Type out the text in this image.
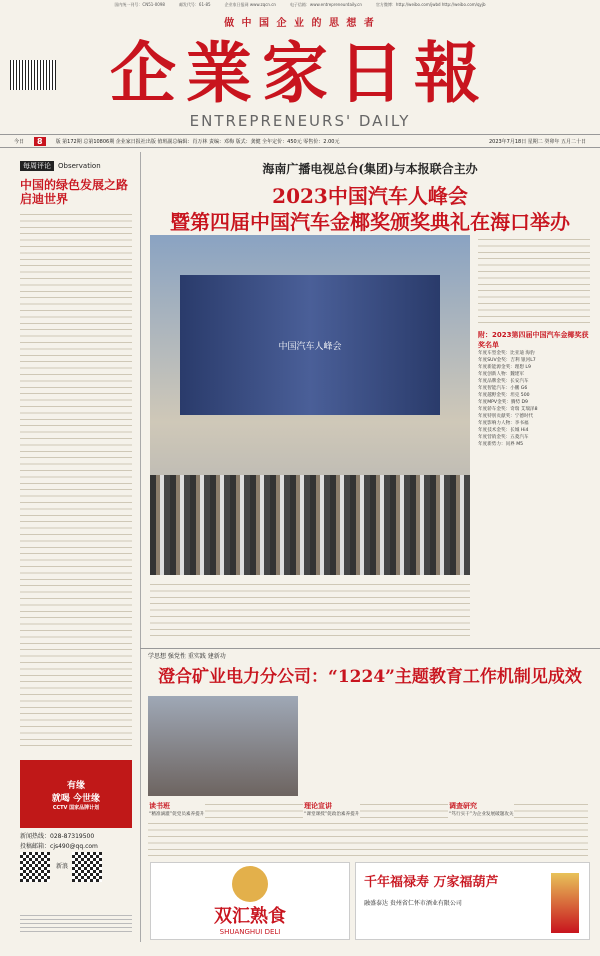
国内统一刊号：CN51-0098	邮发代号：61-85	企业家日报网 www.zqcn.cn	电子信箱：www.entrepreneurdaily.cn	官方微博：http://weibo.com/jwbd http://weibo.com/qyjb
做 中 国 企 业 的 思 想 者
企業家日報
ENTREPRENEURS' DAILY
今日	8	版 第172期 总第10806期 企业家日报社出版 值班副总编辑：肖万林 责编：邓梅 版式：龚健 全年定价：450元 零售价：2.00元	2023年7月18日 星期二 癸卯年 五月二十日
每周评论	Observation
中国的绿色发展之路启迪世界
有缘
就喝 今世缘
CCTV 国家品牌计划
新闻热线：028-87319500
投稿邮箱：cjs490@qq.com
新浪
海南广播电视总台(集团)与本报联合主办
2023中国汽车人峰会
暨第四届中国汽车金椰奖颁奖典礼在海口举办
中国汽车人峰会
附：2023第四届中国汽车金椰奖获奖名单
年度车型金奖：比亚迪 海豹
年度SUV金奖：吉利 银河L7
年度新能源金奖：理想 L9
年度创新人物：魏建军
年度品牌金奖：长安汽车
年度智能汽车：小鹏 G6
年度越野金奖：坦克 500
年度MPV金奖：腾势 D9
年度轿车金奖：奇瑞 艾瑞泽8
年度特别贡献奖：宁德时代
年度影响力人物：李书福
年度技术金奖：长城 Hi4
年度营销金奖：五菱汽车
年度新势力：问界 M5
学思想 强党性 重实践 建新功
澄合矿业电力分公司：“1224”主题教育工作机制见成效
读书班
“精准滴灌”促党员素养提升
理论宣讲
“课堂课授”促政治素养提升
调查研究
“笃行实干”为企业发展破题攻关
双汇熟食
SHUANGHUI DELI
千年福禄寿 万家福葫芦
融盛泰达 贵州省仁怀市酒业有限公司
